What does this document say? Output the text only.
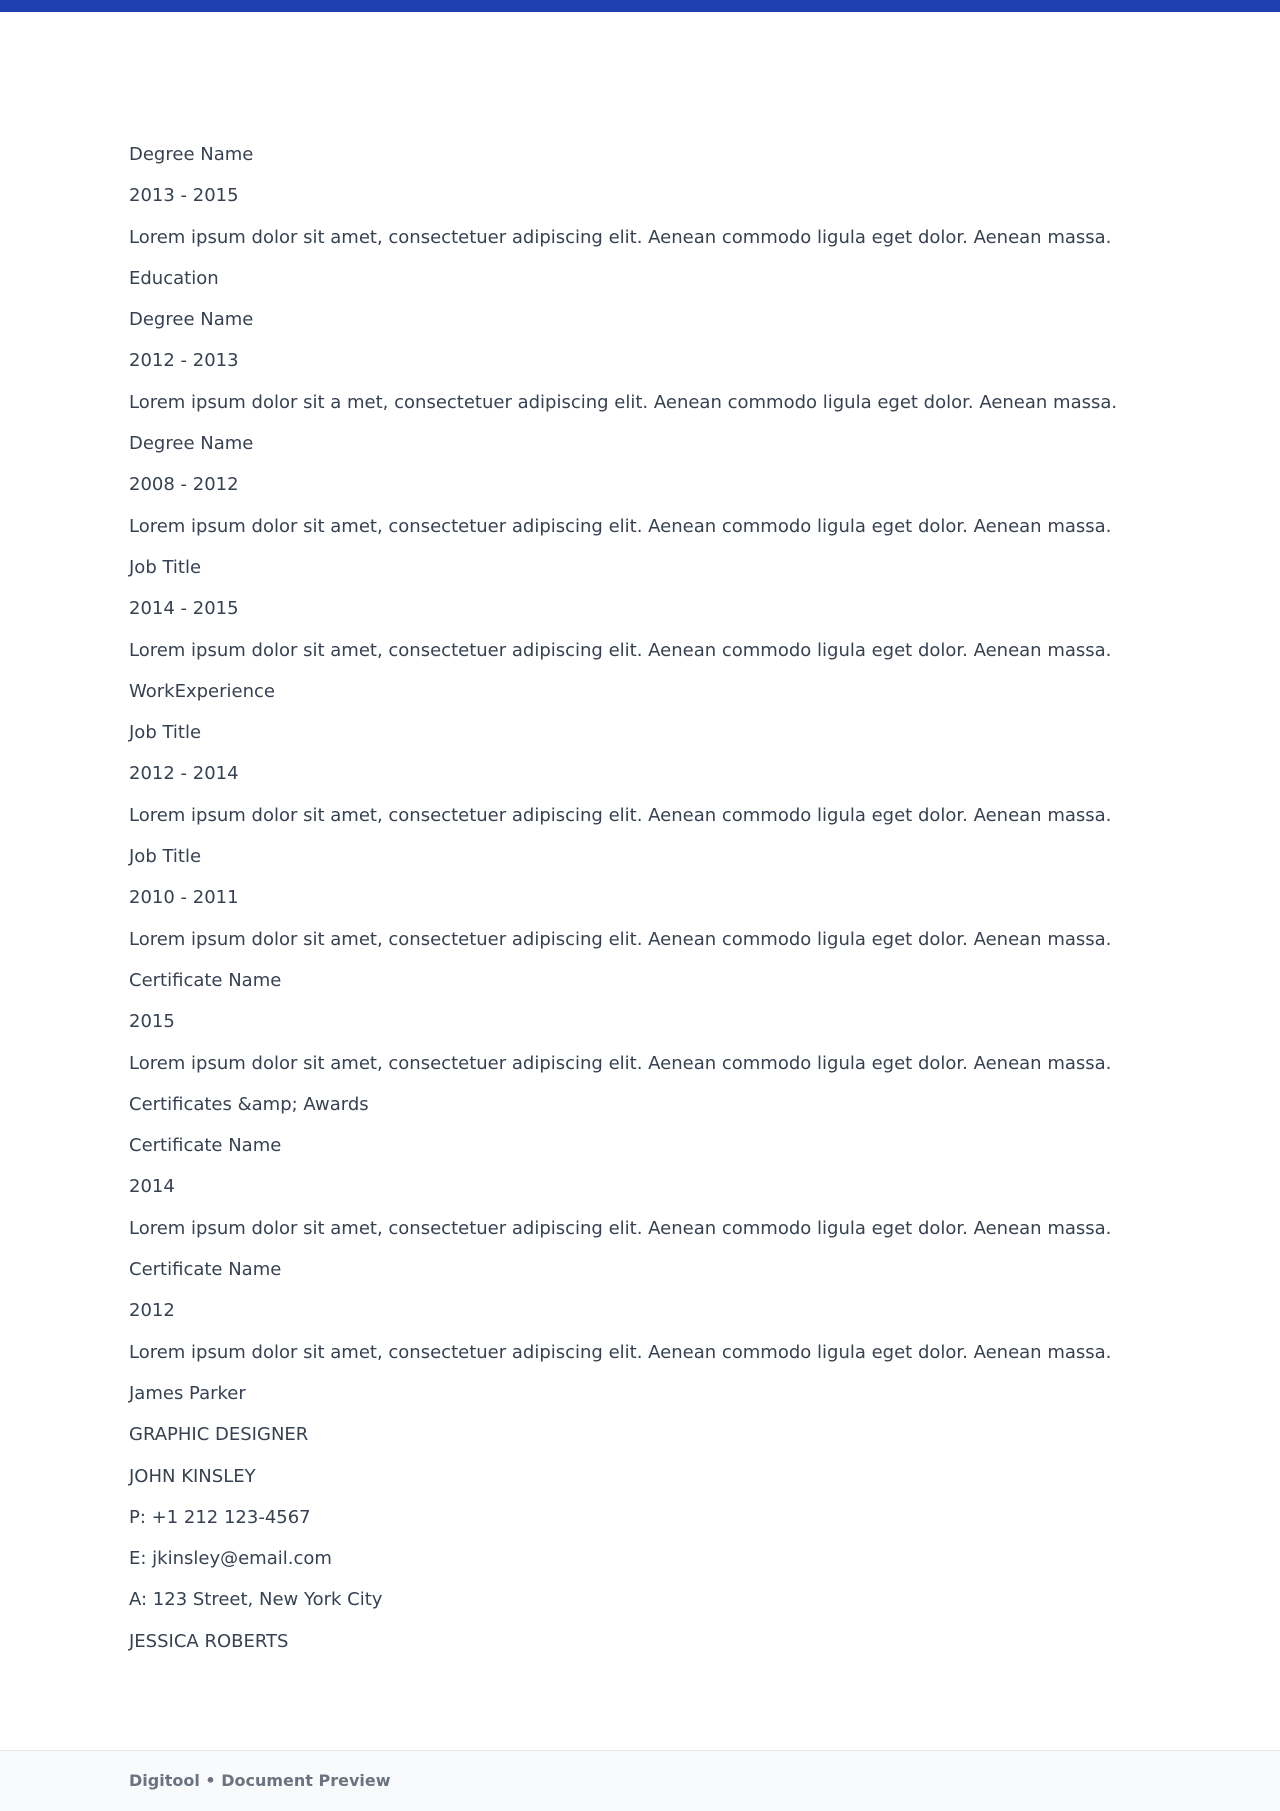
Degree Name
2013 - 2015
Lorem ipsum dolor sit amet, consectetuer adipiscing elit. Aenean commodo ligula eget dolor. Aenean massa.
Education
Degree Name
2012 - 2013
Lorem ipsum dolor sit a met, consectetuer adipiscing elit. Aenean commodo ligula eget dolor. Aenean massa.
Degree Name
2008 - 2012
Lorem ipsum dolor sit amet, consectetuer adipiscing elit. Aenean commodo ligula eget dolor. Aenean massa.
Job Title
2014 - 2015
Lorem ipsum dolor sit amet, consectetuer adipiscing elit. Aenean commodo ligula eget dolor. Aenean massa.
WorkExperience
Job Title
2012 - 2014
Lorem ipsum dolor sit amet, consectetuer adipiscing elit. Aenean commodo ligula eget dolor. Aenean massa.
Job Title
2010 - 2011
Lorem ipsum dolor sit amet, consectetuer adipiscing elit. Aenean commodo ligula eget dolor. Aenean massa.
Certificate Name
2015
Lorem ipsum dolor sit amet, consectetuer adipiscing elit. Aenean commodo ligula eget dolor. Aenean massa.
Certificates &amp; Awards
Certificate Name
2014
Lorem ipsum dolor sit amet, consectetuer adipiscing elit. Aenean commodo ligula eget dolor. Aenean massa.
Certificate Name
2012
Lorem ipsum dolor sit amet, consectetuer adipiscing elit. Aenean commodo ligula eget dolor. Aenean massa.
James Parker
GRAPHIC DESIGNER
JOHN KINSLEY
P: +1 212 123-4567
E: jkinsley@email.com
A: 123 Street, New York City
JESSICA ROBERTS
Digitool • Document Preview
